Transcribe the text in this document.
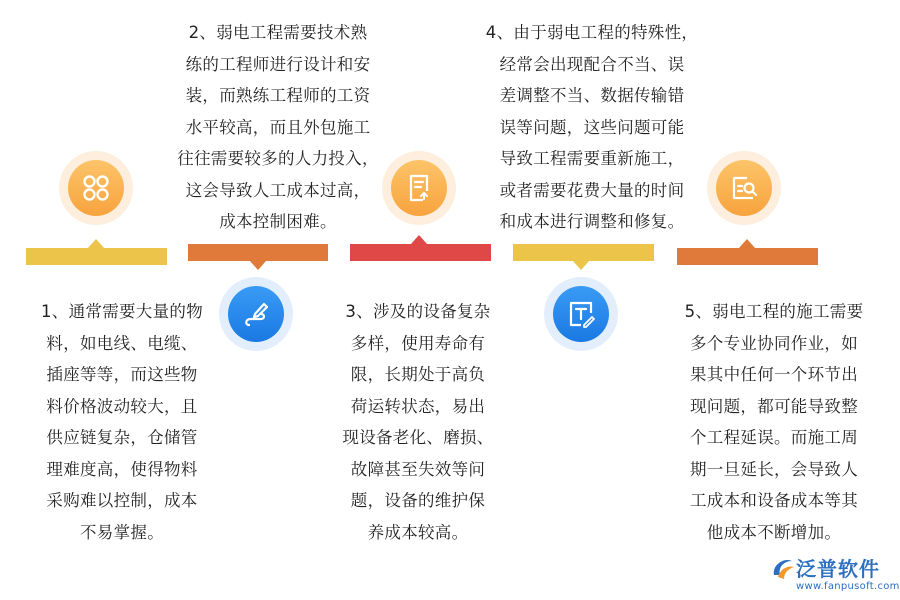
1、通常需要大量的物
料，如电线、电缆、
插座等等，而这些物
料价格波动较大，且
供应链复杂，仓储管
理难度高，使得物料
采购难以控制，成本
不易掌握。
2、弱电工程需要技术熟
练的工程师进行设计和安
装，而熟练工程师的工资
水平较高，而且外包施工
往往需要较多的人力投入，
这会导致人工成本过高，
成本控制困难。
3、涉及的设备复杂
多样，使用寿命有
限，长期处于高负
荷运转状态，易出
现设备老化、磨损、
故障甚至失效等问
题，设备的维护保
养成本较高。
4、由于弱电工程的特殊性，
经常会出现配合不当、误
差调整不当、数据传输错
误等问题，这些问题可能
导致工程需要重新施工，
或者需要花费大量的时间
和成本进行调整和修复。
5、弱电工程的施工需要
多个专业协同作业，如
果其中任何一个环节出
现问题，都可能导致整
个工程延误。而施工周
期一旦延长，会导致人
工成本和设备成本等其
他成本不断增加。
泛普软件
www.fanpusoft.com
